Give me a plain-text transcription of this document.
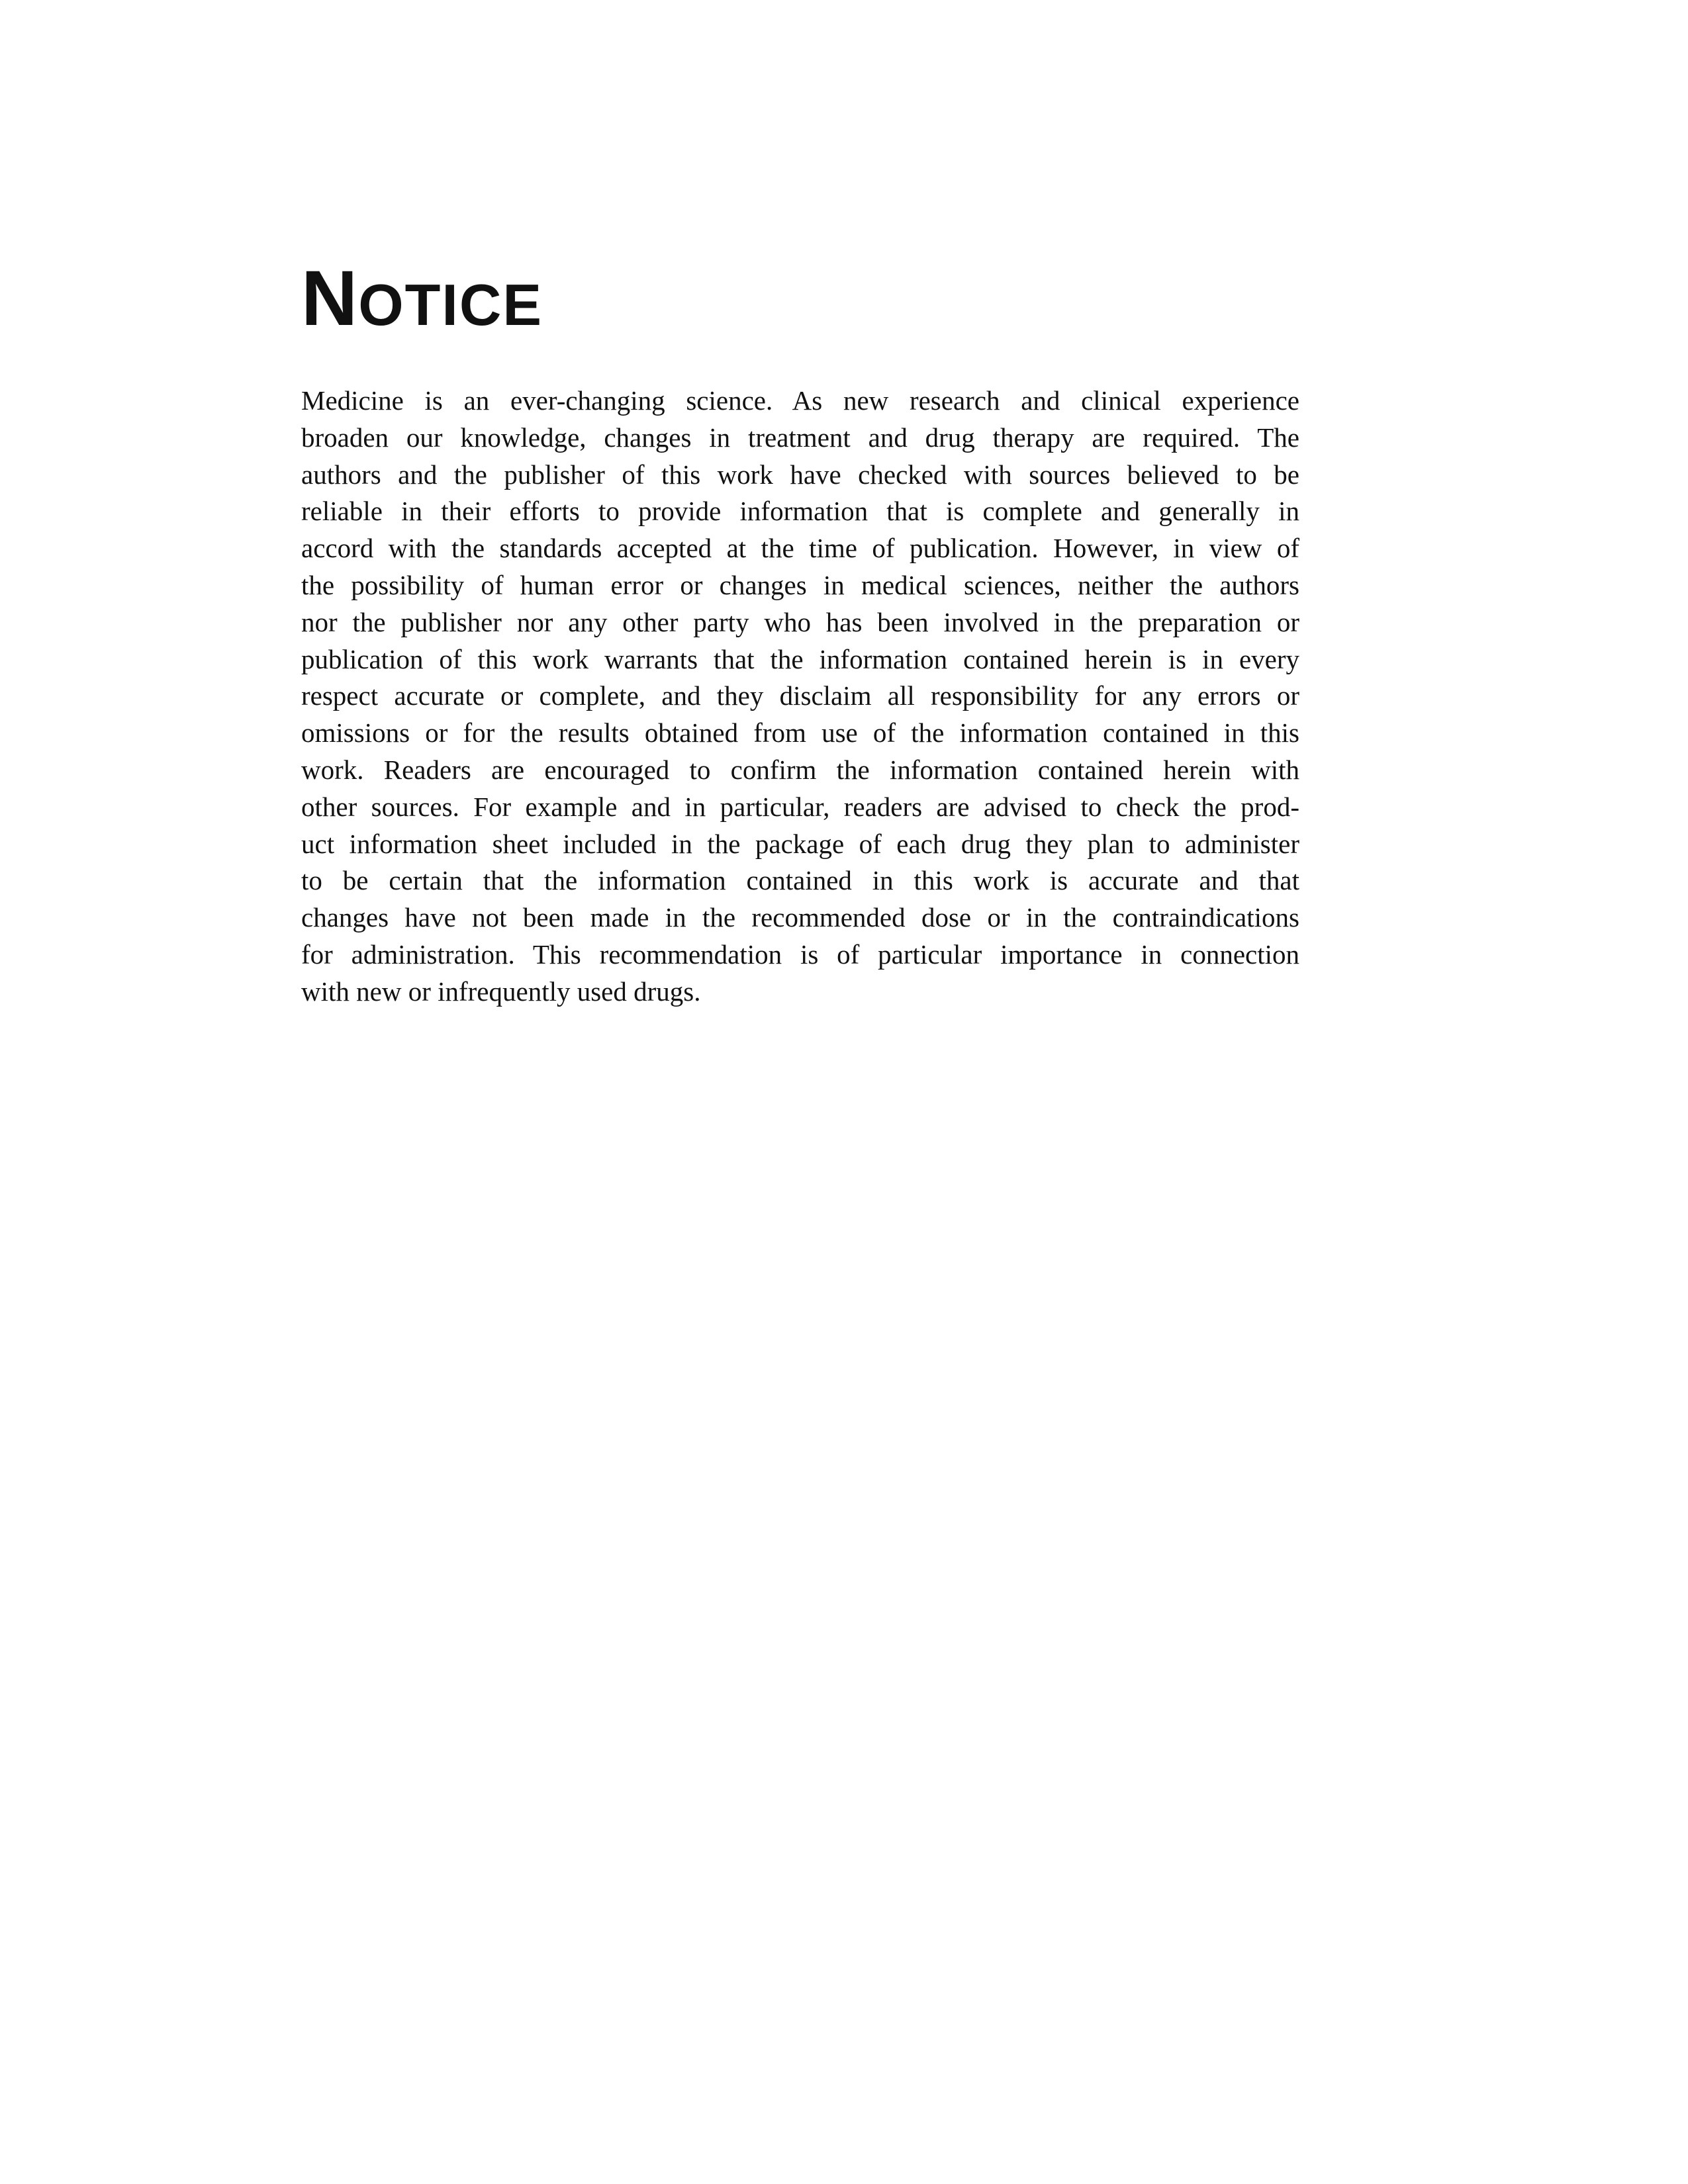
NOTICE
Medicine is an ever-changing science. As new research and clinical experience
broaden our knowledge, changes in treatment and drug therapy are required. The
authors and the publisher of this work have checked with sources believed to be
reliable in their efforts to provide information that is complete and generally in
accord with the standards accepted at the time of publication. However, in view of
the possibility of human error or changes in medical sciences, neither the authors
nor the publisher nor any other party who has been involved in the preparation or
publication of this work warrants that the information contained herein is in every
respect accurate or complete, and they disclaim all responsibility for any errors or
omissions or for the results obtained from use of the information contained in this
work. Readers are encouraged to confirm the information contained herein with
other sources. For example and in particular, readers are advised to check the prod-
uct information sheet included in the package of each drug they plan to administer
to be certain that the information contained in this work is accurate and that
changes have not been made in the recommended dose or in the contraindications
for administration. This recommendation is of particular importance in connection
with new or infrequently used drugs.
